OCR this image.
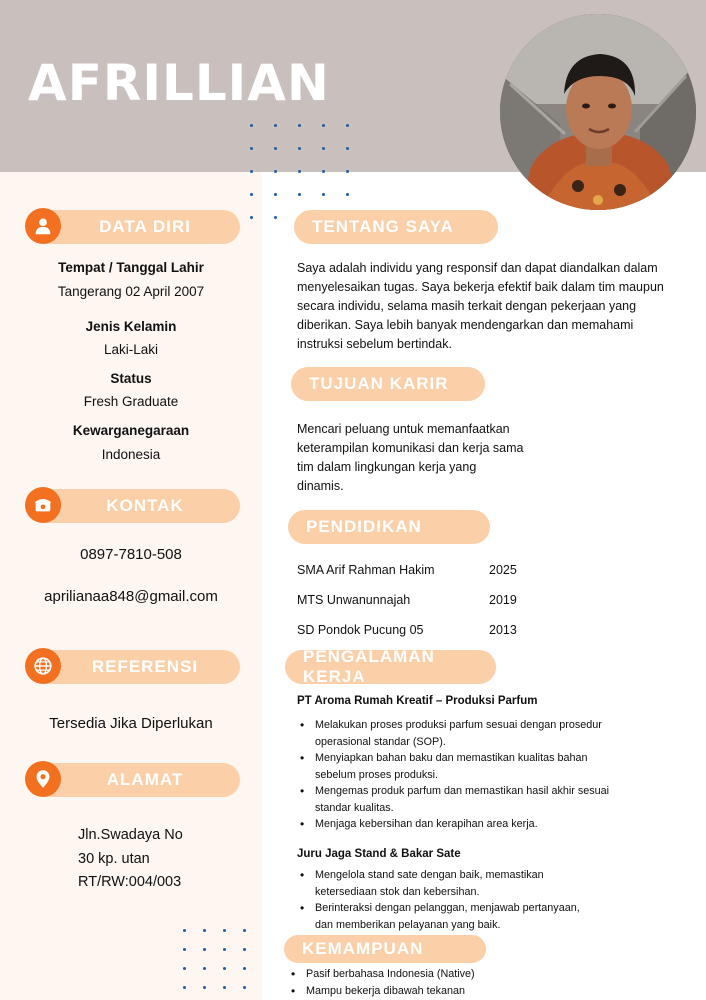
AFRILLIAN
DATA DIRI
Tempat / Tanggal Lahir
Tangerang 02 April 2007
Jenis Kelamin
Laki-Laki
Status
Fresh Graduate
Kewarganegaraan
Indonesia
KONTAK
0897-7810-508
aprilianaa848@gmail.com
REFERENSI
Tersedia Jika Diperlukan
ALAMAT
Jln.Swadaya No
30 kp. utan
RT/RW:004/003
TENTANG SAYA
Saya adalah individu yang responsif dan dapat diandalkan dalam
menyelesaikan tugas. Saya bekerja efektif baik dalam tim maupun
secara individu, selama masih terkait dengan pekerjaan yang
diberikan. Saya lebih banyak mendengarkan dan memahami
instruksi sebelum bertindak.
TUJUAN KARIR
Mencari peluang untuk memanfaatkan
keterampilan komunikasi dan kerja sama
tim dalam lingkungan kerja yang
dinamis.
PENDIDIKAN
SMA Arif Rahman Hakim	2025
MTS Unwanunnajah	2019
SD Pondok Pucung 05	2013
PENGALAMAN KERJA
PT Aroma Rumah Kreatif – Produksi Parfum
• Melakukan proses produksi parfum sesuai dengan prosedur
operasional standar (SOP).
• Menyiapkan bahan baku dan memastikan kualitas bahan
sebelum proses produksi.
• Mengemas produk parfum dan memastikan hasil akhir sesuai
standar kualitas.
• Menjaga kebersihan dan kerapihan area kerja.
Juru Jaga Stand & Bakar Sate
• Mengelola stand sate dengan baik, memastikan
ketersediaan stok dan kebersihan.
• Berinteraksi dengan pelanggan, menjawab pertanyaan,
dan memberikan pelayanan yang baik.
KEMAMPUAN
• Pasif berbahasa Indonesia (Native)
• Mampu bekerja dibawah tekanan
